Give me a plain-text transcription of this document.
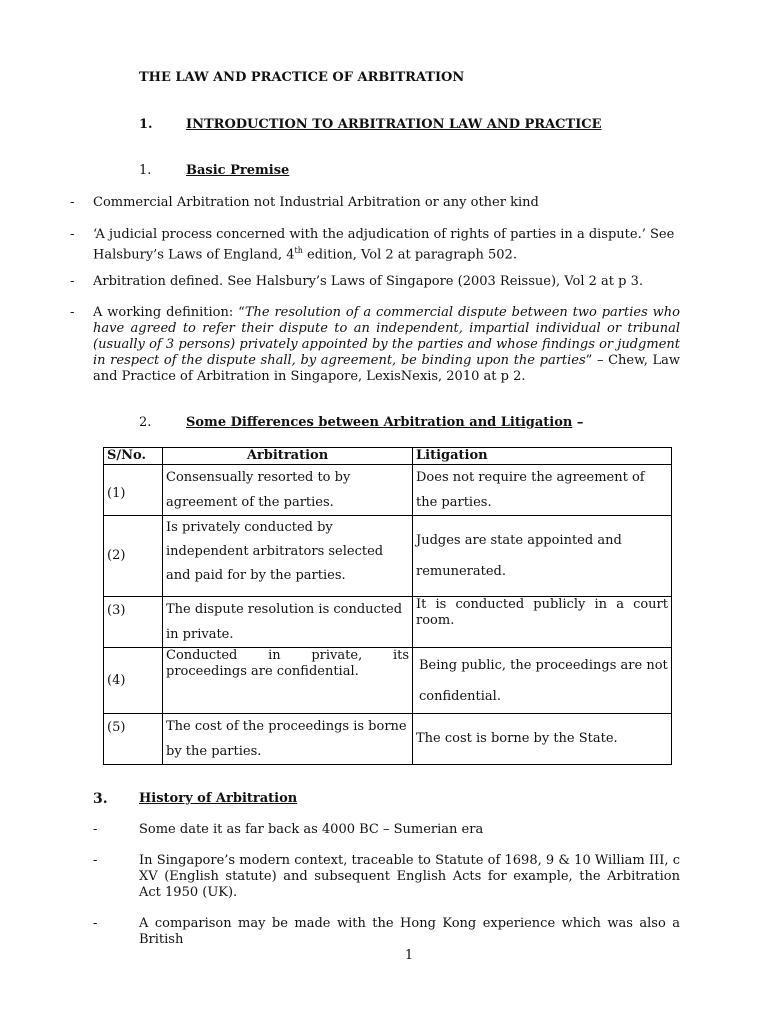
THE LAW AND PRACTICE OF ARBITRATION

1.	INTRODUCTION TO ARBITRATION LAW AND PRACTICE

1.	Basic Premise

- Commercial Arbitration not Industrial Arbitration or any other kind

- ‘A judicial process concerned with the adjudication of rights of parties in a dispute.’ See Halsbury’s Laws of England, 4th edition, Vol 2 at paragraph 502.

- Arbitration defined. See Halsbury’s Laws of Singapore (2003 Reissue), Vol 2 at p 3.

- A working definition: “The resolution of a commercial dispute between two parties who have agreed to refer their dispute to an independent, impartial individual or tribunal (usually of 3 persons) privately appointed by the parties and whose findings or judgment in respect of the dispute shall, by agreement, be binding upon the parties” – Chew, Law and Practice of Arbitration in Singapore, LexisNexis, 2010 at p 2.

2.	Some Differences between Arbitration and Litigation –

S/No.	Arbitration	Litigation
(1)	Consensually resorted to by agreement of the parties.	Does not require the agreement of the parties.
(2)	Is privately conducted by independent arbitrators selected and paid for by the parties.	Judges are state appointed and remunerated.
(3)	The dispute resolution is conducted in private.	It is conducted publicly in a court room.
(4)	Conducted in private, its proceedings are confidential.	Being public, the proceedings are not confidential.
(5)	The cost of the proceedings is borne by the parties.	The cost is borne by the State.

3. History of Arbitration

-	Some date it as far back as 4000 BC – Sumerian era

-	In Singapore’s modern context, traceable to Statute of 1698, 9 & 10 William III, c XV (English statute) and subsequent English Acts for example, the Arbitration Act 1950 (UK).

-	A comparison may be made with the Hong Kong experience which was also a British

1
